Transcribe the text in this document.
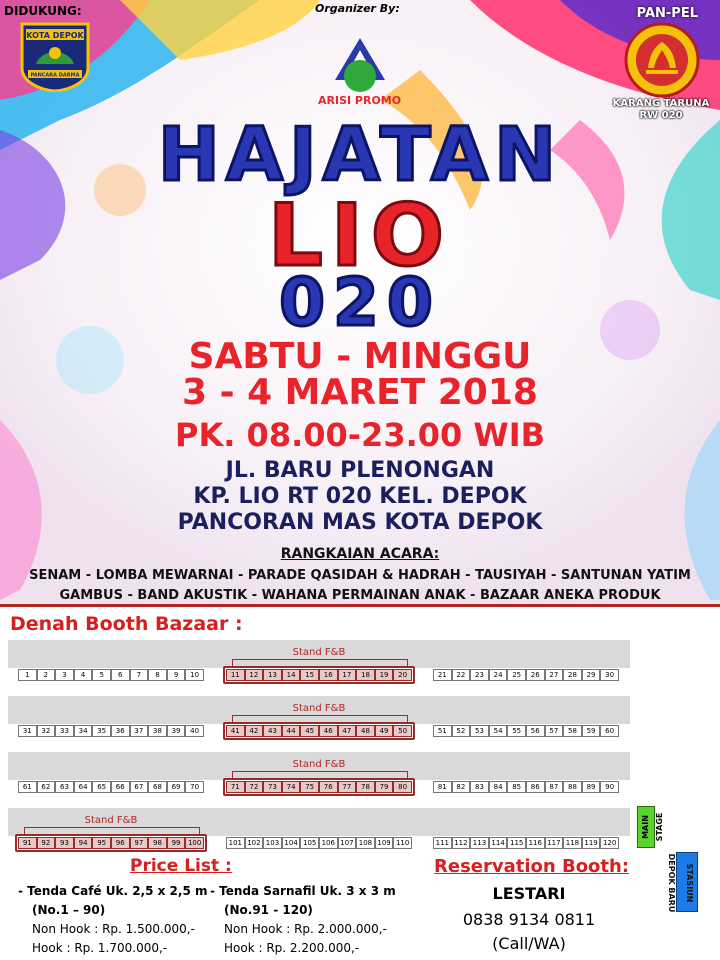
DIDUKUNG:	Organizer By:	PAN-PEL
KOTA DEPOK
PANCARA DARMA
ARISI PROMO	KARANG TARUNA
RW 020
HAJATAN
LIO
020
SABTU - MINGGU
3 - 4 MARET 2018
PK. 08.00-23.00 WIB
JL. BARU PLENONGAN
KP. LIO RT 020 KEL. DEPOK
PANCORAN MAS KOTA DEPOK
RANGKAIAN ACARA:
SENAM - LOMBA MEWARNAI - PARADE QASIDAH & HADRAH - TAUSIYAH - SANTUNAN YATIM
GAMBUS - BAND AKUSTIK - WAHANA PERMAINAN ANAK - BAZAAR ANEKA PRODUK
Denah Booth Bazaar :
1	2	3	4	5	6	7	8	9	10	11	12	13	14	15	16	17	18	19	20
Stand F&B
21	22	23	24	25	26	27	28	29	30
31	32	33	34	35	36	37	38	39	40	41	42	43	44	45	46	47	48	49	50
Stand F&B
51	52	53	54	55	56	57	58	59	60
61	62	63	64	65	66	67	68	69	70	71	72	73	74	75	76	77	78	79	80
Stand F&B
81	82	83	84	85	86	87	88	89	90
91	92	93	94	95	96	97	98	99	100
Stand F&B
101 102 103 104 105 106 107 108 109 110	111 112 113 114 115 116 117 118 119 120
MAIN STAGE
STASIUN DEPOK BARU
Price List :
- Tenda Café Uk. 2,5 x 2,5 m
(No.1 – 90)
Non Hook : Rp. 1.500.000,-
Hook : Rp. 1.700.000,-
- Tenda Sarnafil Uk. 3 x 3 m
(No.91 - 120)
Non Hook : Rp. 2.000.000,-
Hook : Rp. 2.200.000,-
Reservation Booth:
LESTARI
0838 9134 0811
(Call/WA)
